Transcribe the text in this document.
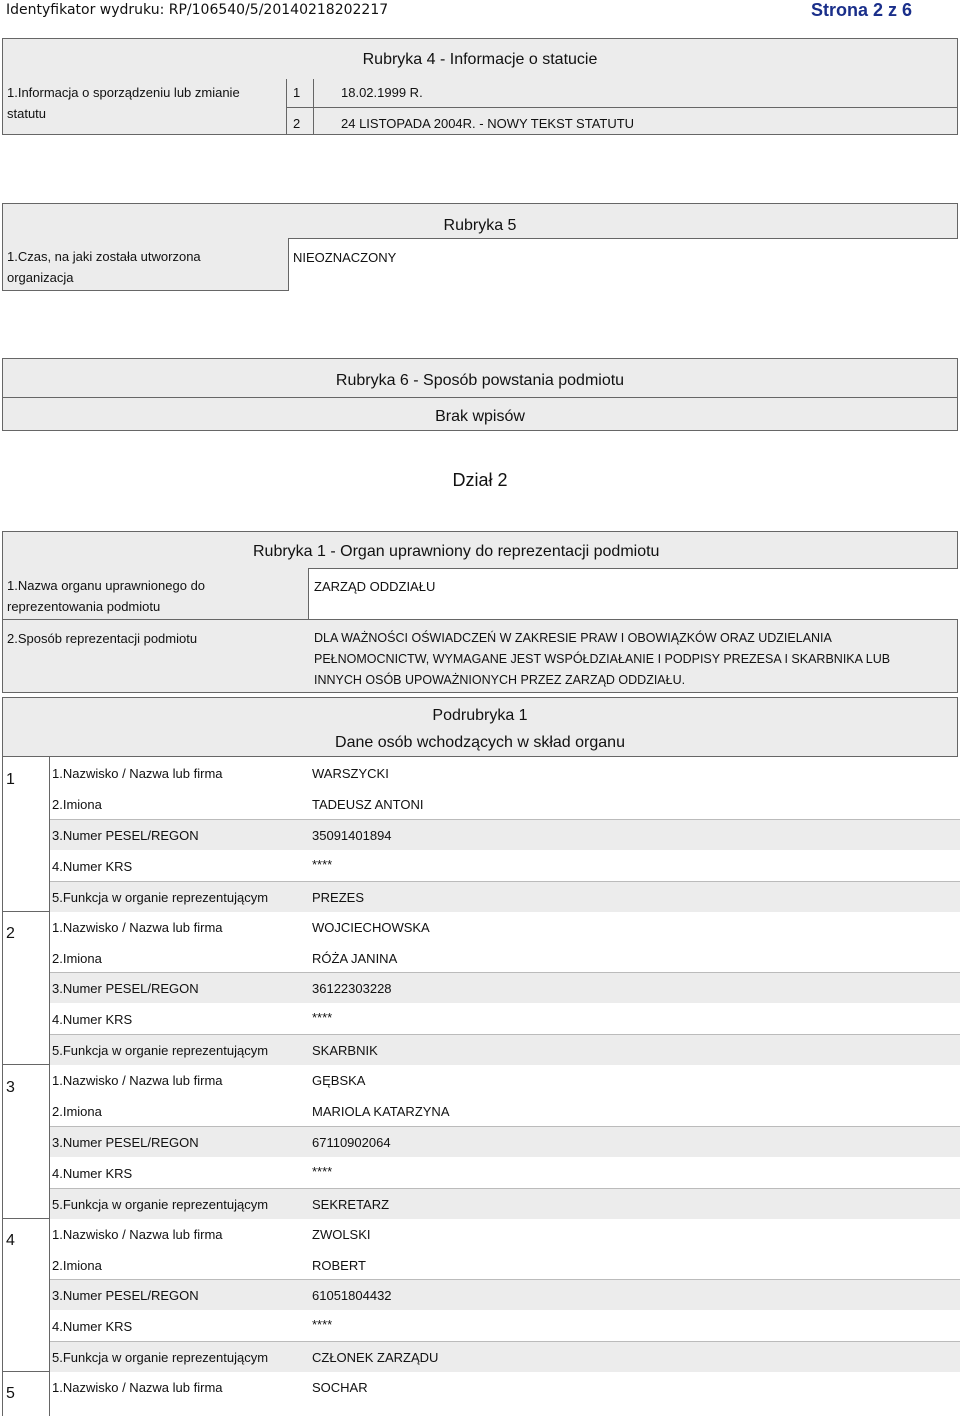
Identyfikator wydruku: RP/106540/5/20140218202217	Strona 2 z 6
Rubryka 4 - Informacje o statucie
1.Informacja o sporządzeniu lub zmianie
statutu
1	18.02.1999 R.
2	24 LISTOPADA 2004R. - NOWY TEKST STATUTU
Rubryka 5
1.Czas, na jaki została utworzona
organizacja
NIEOZNACZONY
Rubryka 6 - Sposób powstania podmiotu
Brak wpisów
Dział 2
Rubryka 1 - Organ uprawniony do reprezentacji podmiotu
1.Nazwa organu uprawnionego do
reprezentowania podmiotu
ZARZĄD ODDZIAŁU
2.Sposób reprezentacji podmiotu	DLA WAŻNOŚCI OŚWIADCZEŃ W ZAKRESIE PRAW I OBOWIĄZKÓW ORAZ UDZIELANIA
PEŁNOMOCNICTW, WYMAGANE JEST WSPÓŁDZIAŁANIE I PODPISY PREZESA I SKARBNIKA LUB
INNYCH OSÓB UPOWAŻNIONYCH PRZEZ ZARZĄD ODDZIAŁU.
Podrubryka 1
Dane osób wchodzących w skład organu
1	1.Nazwisko / Nazwa lub firma	WARSZYCKI
2.Imiona	TADEUSZ ANTONI
3.Numer PESEL/REGON	35091401894
4.Numer KRS	****
5.Funkcja w organie reprezentującym	PREZES
2	1.Nazwisko / Nazwa lub firma	WOJCIECHOWSKA
2.Imiona	RÓŻA JANINA
3.Numer PESEL/REGON	36122303228
4.Numer KRS	****
5.Funkcja w organie reprezentującym	SKARBNIK
3	1.Nazwisko / Nazwa lub firma	GĘBSKA
2.Imiona	MARIOLA KATARZYNA
3.Numer PESEL/REGON	67110902064
4.Numer KRS	****
5.Funkcja w organie reprezentującym	SEKRETARZ
4	1.Nazwisko / Nazwa lub firma	ZWOLSKI
2.Imiona	ROBERT
3.Numer PESEL/REGON	61051804432
4.Numer KRS	****
5.Funkcja w organie reprezentującym	CZŁONEK ZARZĄDU
5	1.Nazwisko / Nazwa lub firma	SOCHAR
